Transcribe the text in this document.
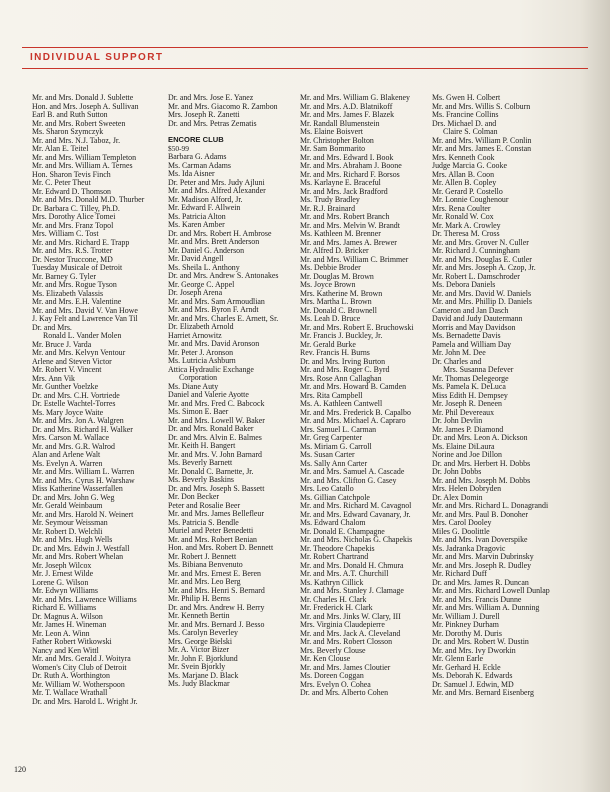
INDIVIDUAL SUPPORT
Mr. and Mrs. Donald J. Sublette
Hon. and Mrs. Joseph A. Sullivan
Earl B. and Ruth Sutton
Mr. and Mrs. Robert Sweeten
Ms. Sharon Szymczyk
Mr. and Mrs. N.J. Taboz, Jr.
Mr. Alan E. Teitel
Mr. and Mrs. William Templeton
Mr. and Mrs. William A. Ternes
Hon. Sharon Tevis Finch
Mr. C. Peter Theut
Mr. Edward D. Thomson
Mr. and Mrs. Donald M.D. Thurber
Dr. Barbara C. Tilley, Ph.D.
Mrs. Dorothy Alice Tomei
Mr. and Mrs. Franz Topol
Mrs. William C. Tost
Mr. and Mrs. Richard E. Trapp
Mr. and Mrs. R.S. Trotter
Dr. Nestor Truccone, MD
Tuesday Musicale of Detroit
Mr. Barney G. Tyler
Mr. and Mrs. Rogue Tyson
Ms. Elizabeth Valassis
Mr. and Mrs. E.H. Valentine
Mr. and Mrs. David V. Van Howe
J. Kay Felt and Lawrence Van Til
Dr. and Mrs.
Ronald L. Vander Molen
Mr. Bruce J. Varda
Mr. and Mrs. Kelvyn Ventour
Arlene and Steven Victor
Mr. Robert V. Vincent
Mrs. Ann Vik
Mr. Gunther Voelzke
Dr. and Mrs. C.H. Vortriede
Dr. Estelle Wachtel-Torres
Ms. Mary Joyce Waite
Mr. and Mrs. Jon A. Walgren
Dr. and Mrs. Richard H. Walker
Mrs. Carson M. Wallace
Mr. and Mrs. G.R. Walrod
Alan and Arlene Walt
Ms. Evelyn A. Warren
Mr. and Mrs. William L. Warren
Mr. and Mrs. Cyrus H. Warshaw
Miss Katherine Wasserfallen
Dr. and Mrs. John G. Weg
Mr. Gerald Weinbaum
Mr. and Mrs. Harold N. Weinert
Mr. Seymour Weissman
Mr. Robert D. Welchli
Mr. and Mrs. Hugh Wells
Dr. and Mrs. Edwin J. Westfall
Mr. and Mrs. Robert Whelan
Mr. Joseph Wilcox
Mr. J. Ernest Wilde
Lorene G. Wilson
Mr. Edwyn Williams
Mr. and Mrs. Lawrence Williams
Richard E. Williams
Dr. Magnus A. Wilson
Mr. James H. Wineman
Mr. Leon A. Winn
Father Robert Witkowski
Nancy and Ken Wittl
Mr. and Mrs. Gerald J. Woityra
Women's City Club of Detroit
Dr. Ruth A. Worthington
Mr. William W. Wotherspoon
Mr. T. Wallace Wrathall
Dr. and Mrs. Harold L. Wright Jr.
Dr. and Mrs. Jose E. Yanez
Mr. and Mrs. Giacomo R. Zambon
Mrs. Joseph R. Zanetti
Dr. and Mrs. Petras Zematis
ENCORE CLUB
$50-99
Barbara G. Adams
Ms. Carman Adams
Ms. Ida Aisner
Dr. Peter and Mrs. Judy Ajluni
Mr. and Mrs. Alfred Alexander
Mr. Madison Alford, Jr.
Mr. Edward F. Allwein
Ms. Patricia Alton
Ms. Karen Amber
Dr. and Mrs. Robert H. Ambrose
Mr. and Mrs. Brett Anderson
Mr. Daniel G. Anderson
Mr. David Angell
Ms. Sheila L. Anthony
Dr. and Mrs. Andrew S. Antonakes
Mr. George C. Appel
Dr. Joseph Arena
Mr. and Mrs. Sam Armoudlian
Mr. and Mrs. Byron F. Arndt
Mr. and Mrs. Charles E. Arnett, Sr.
Dr. Elizabeth Arnold
Harriet Arnowitz
Mr. and Mrs. David Aronson
Mr. Peter J. Aronson
Ms. Lutricia Ashburn
Attica Hydraulic Exchange
Corporation
Ms. Diane Auty
Daniel and Valerie Ayotte
Mr. and Mrs. Fred C. Babcock
Ms. Simon E. Baer
Mr. and Mrs. Lowell W. Baker
Dr. and Mrs. Ronald Baker
Dr. and Mrs. Alvin E. Balmes
Mr. Keith H. Bangert
Mr. and Mrs. V. John Barnard
Ms. Beverly Barnett
Mr. Donald C. Barnette, Jr.
Ms. Beverly Baskins
Dr. and Mrs. Joseph S. Bassett
Mr. Don Becker
Peter and Rosalie Beer
Mr. and Mrs. James Bellefleur
Ms. Patricia S. Bendle
Muriel and Peter Benedetti
Mr. and Mrs. Robert Benian
Hon. and Mrs. Robert D. Bennett
Mr. Robert J. Bennett
Ms. Bibiana Benvenuto
Mr. and Mrs. Ernest E. Beren
Mr. and Mrs. Leo Berg
Mr. and Mrs. Henri S. Bernard
Mr. Philip H. Berns
Dr. and Mrs. Andrew H. Berry
Mr. Kenneth Bertin
Mr. and Mrs. Bernard J. Besso
Ms. Carolyn Beverley
Mrs. George Bielski
Mr. A. Victor Bizer
Mr. John F. Bjorklund
Mr. Svein Bjorkly
Ms. Marjane D. Black
Ms. Judy Blackmar
Mr. and Mrs. William G. Blakeney
Mr. and Mrs. A.D. Blatnikoff
Mr. and Mrs. James F. Blazek
Mr. Randall Blumenstein
Ms. Elaine Boisvert
Mr. Christopher Bolton
Mr. Sam Bommarito
Mr. and Mrs. Edward I. Book
Mr. and Mrs. Abraham J. Boone
Mr. and Mrs. Richard F. Borsos
Ms. Karlayne E. Braceful
Mr. and Mrs. Jack Bradford
Ms. Trudy Bradley
Mr. R.J. Brainard
Mr. and Mrs. Robert Branch
Mr. and Mrs. Melvin W. Brandt
Ms. Kathleen M. Brenner
Mr. and Mrs. James A. Brewer
Mr. Alfred D. Bricker
Mr. and Mrs. William C. Brimmer
Ms. Debbie Broder
Mr. Douglas M. Brown
Ms. Joyce Brown
Mrs. Katherine M. Brown
Mrs. Martha L. Brown
Mr. Donald C. Brownell
Ms. Leah D. Bruce
Mr. and Mrs. Robert E. Bruchowski
Mr. Francis J. Buckley, Jr.
Mr. Gerald Burke
Rev. Francis H. Burns
Dr. and Mrs. Irving Burton
Mr. and Mrs. Roger C. Byrd
Mrs. Rose Ann Callaghan
Mr. and Mrs. Howard B. Camden
Mrs. Rita Campbell
Ms. A. Kathleen Cantwell
Mr. and Mrs. Frederick B. Capalbo
Mr. and Mrs. Michael A. Capraro
Mrs. Samuel L. Carman
Mr. Greg Carpenter
Ms. Miriam G. Carroll
Ms. Susan Carter
Ms. Sally Ann Carter
Mr. and Mrs. Samuel A. Cascade
Mr. and Mrs. Clifton G. Casey
Mrs. Leo Catallo
Ms. Gillian Catchpole
Mr. and Mrs. Richard M. Cavagnol
Mr. and Mrs. Edward Cavanary, Jr.
Ms. Edward Chalom
Mr. Donald E. Champagne
Mr. and Mrs. Nicholas G. Chapekis
Mr. Theodore Chapekis
Mr. Robert Chartrand
Mr. and Mrs. Donald H. Chmura
Mr. and Mrs. A.T. Churchill
Ms. Kathryn Cillick
Mr. and Mrs. Stanley J. Clamage
Mr. Charles H. Clark
Mr. Frederick H. Clark
Mr. and Mrs. Jinks W. Clary, III
Mrs. Virginia Claudepierre
Mr. and Mrs. Jack A. Cleveland
Mr. and Mrs. Robert Closson
Mrs. Beverly Clouse
Mr. Ken Clouse
Mr. and Mrs. James Cloutier
Ms. Doreen Coggan
Mrs. Evelyn O. Cohea
Dr. and Mrs. Alberto Cohen
Ms. Gwen H. Colbert
Mr. and Mrs. Willis S. Colburn
Ms. Francine Collins
Drs. Michael D. and
Claire S. Colman
Mr. and Mrs. William P. Conlin
Mr. and Mrs. James E. Constan
Mrs. Kenneth Cook
Judge Marcia G. Cooke
Mrs. Allan B. Coon
Mr. Allen B. Copley
Mr. Gerard P. Costello
Mr. Lonnie Coughenour
Mrs. Rena Coulter
Mr. Ronald W. Cox
Mr. Mark A. Crowley
Dr. Theresa M. Cross
Mr. and Mrs. Grover N. Culler
Mr. Richard J. Cunningham
Mr. and Mrs. Douglas E. Cutler
Mr. and Mrs. Joseph A. Czop, Jr.
Mr. Robert L. Damschroder
Ms. Debora Daniels
Mr. and Mrs. David W. Daniels
Mr. and Mrs. Phillip D. Daniels
Cameron and Jan Dasch
David and Judy Dautermann
Morris and May Davidson
Ms. Bernadette Davis
Pamela and William Day
Mr. John M. Dee
Dr. Charles and
Mrs. Susanna Defever
Mr. Thomas Delegeorge
Ms. Pamela K. DeLuca
Miss Edith H. Dempsey
Mr. Joseph R. Deneen
Mr. Phil Devereaux
Dr. John Devlin
Mr. James P. Diamond
Dr. and Mrs. Leon A. Dickson
Ms. Elaine DiLaura
Norine and Joe Dillon
Dr. and Mrs. Herbert H. Dobbs
Dr. John Dobbs
Mr. and Mrs. Joseph M. Dobbs
Mrs. Helen Dobryden
Dr. Alex Domin
Mr. and Mrs. Richard L. Donagrandi
Mr. and Mrs. Paul B. Donoher
Mrs. Carol Dooley
Miles G. Doolittle
Mr. and Mrs. Ivan Doverspike
Ms. Jadranka Dragovic
Mr. and Mrs. Marvin Dubrinsky
Mr. and Mrs. Joseph R. Dudley
Mr. Richard Duff
Dr. and Mrs. James R. Duncan
Mr. and Mrs. Richard Lowell Dunlap
Mr. and Mrs. Francis Dunne
Mr. and Mrs. William A. Dunning
Mr. William J. Durell
Mr. Pinkney Durham
Mr. Dorothy M. Duris
Dr. and Mrs. Robert W. Dustin
Mr. and Mrs. Ivy Dworkin
Mr. Glenn Earle
Mr. Gerhard H. Eckle
Ms. Deborah K. Edwards
Dr. Samuel J. Edwin, MD
Mr. and Mrs. Bernard Eisenberg
120
